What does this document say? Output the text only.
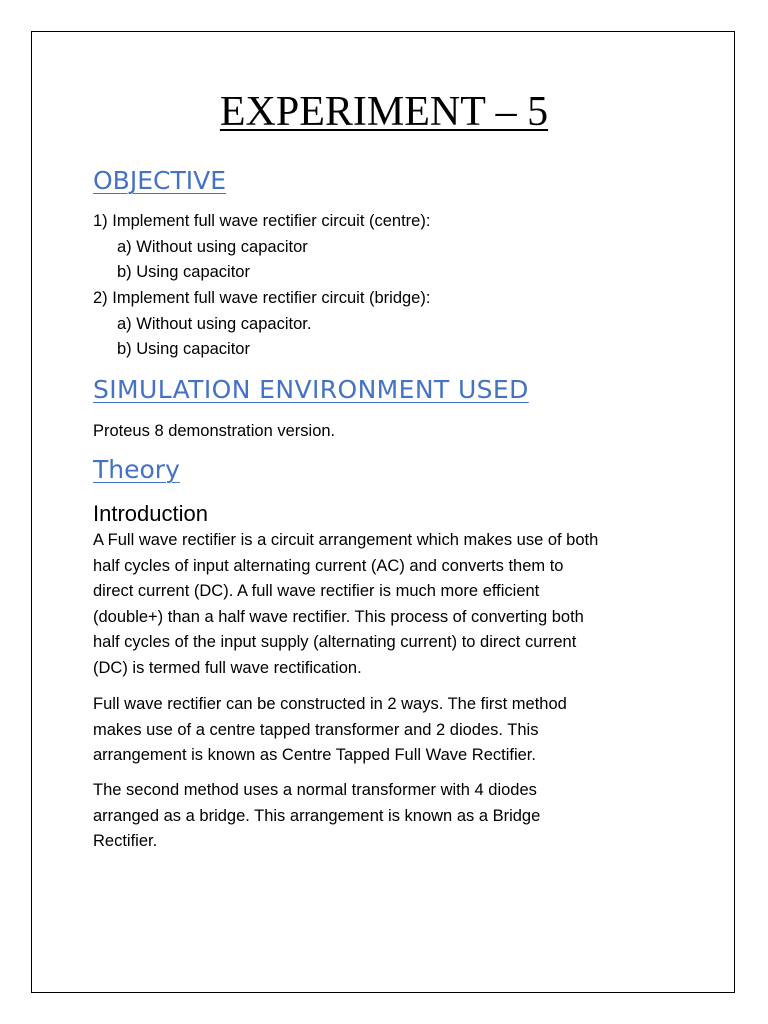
EXPERIMENT – 5
OBJECTIVE
1) Implement full wave rectifier circuit (centre):
a) Without using capacitor
b) Using capacitor
2) Implement full wave rectifier circuit (bridge):
a) Without using capacitor.
b) Using capacitor
SIMULATION ENVIRONMENT USED
Proteus 8 demonstration version.
Theory
Introduction
A Full wave rectifier is a circuit arrangement which makes use of both
half cycles of input alternating current (AC) and converts them to
direct current (DC). A full wave rectifier is much more efficient
(double+) than a half wave rectifier. This process of converting both
half cycles of the input supply (alternating current) to direct current
(DC) is termed full wave rectification.
Full wave rectifier can be constructed in 2 ways. The first method
makes use of a centre tapped transformer and 2 diodes. This
arrangement is known as Centre Tapped Full Wave Rectifier.
The second method uses a normal transformer with 4 diodes
arranged as a bridge. This arrangement is known as a Bridge
Rectifier.
